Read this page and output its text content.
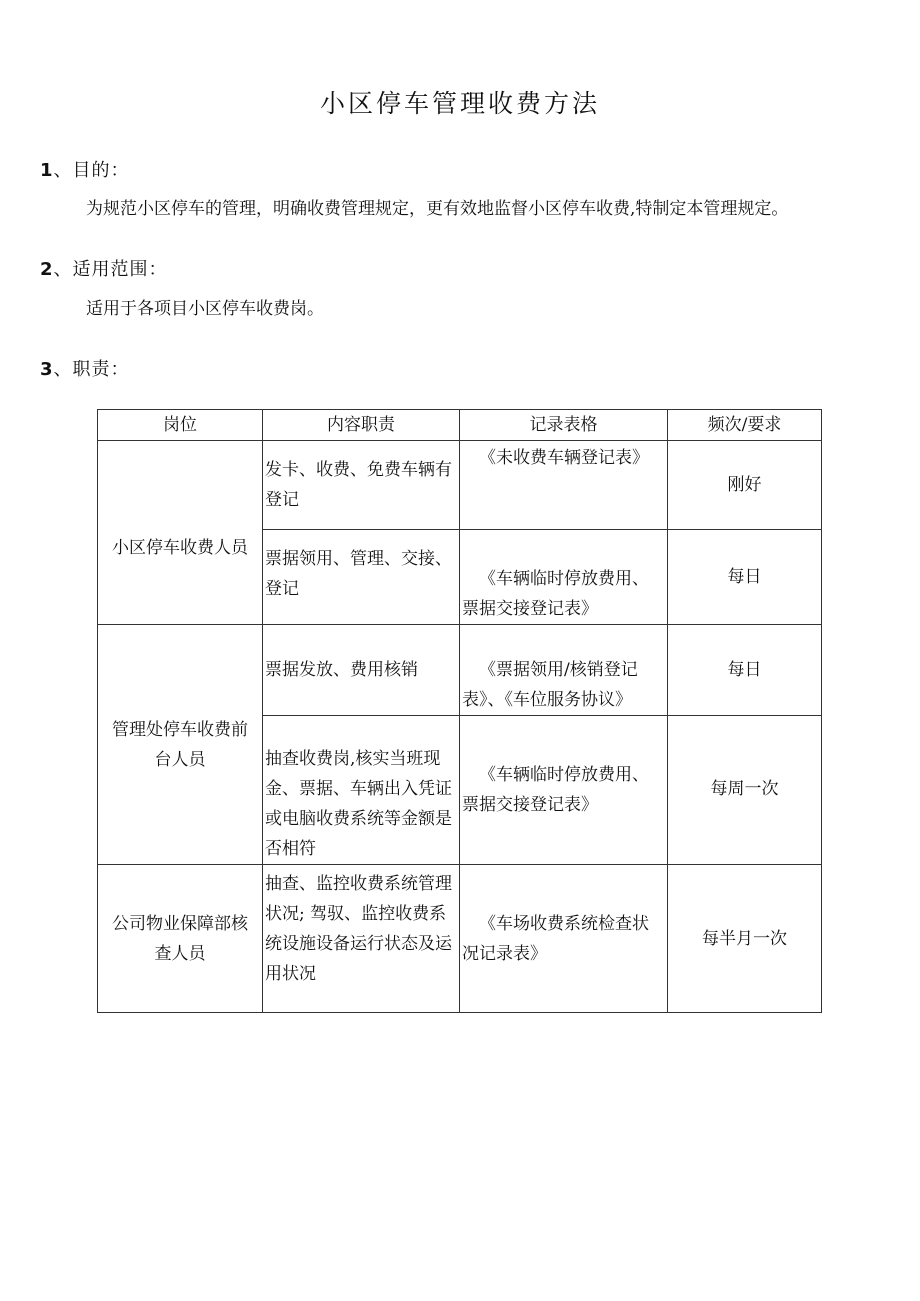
小区停车管理收费方法
1、目的：
为规范小区停车的管理，明确收费管理规定，更有效地监督小区停车收费,特制定本管理规定。
2、适用范围：
适用于各项目小区停车收费岗。
3、职责：
岗位	内容职责	记录表格	频次/要求
小区停车收费人员	发卡、收费、免费车辆有登记	《未收费车辆登记表》	刚好
	票据领用、管理、交接、登记	《车辆临时停放费用、票据交接登记表》	每日
管理处停车收费前台人员	票据发放、费用核销	《票据领用/核销登记表》、《车位服务协议》	每日
	抽查收费岗,核实当班现金、票据、车辆出入凭证或电脑收费系统等金额是否相符	《车辆临时停放费用、票据交接登记表》	每周一次
公司物业保障部核查人员	抽查、监控收费系统管理状况; 驾驭、监控收费系统设施设备运行状态及运用状况	《车场收费系统检查状况记录表》	每半月一次
